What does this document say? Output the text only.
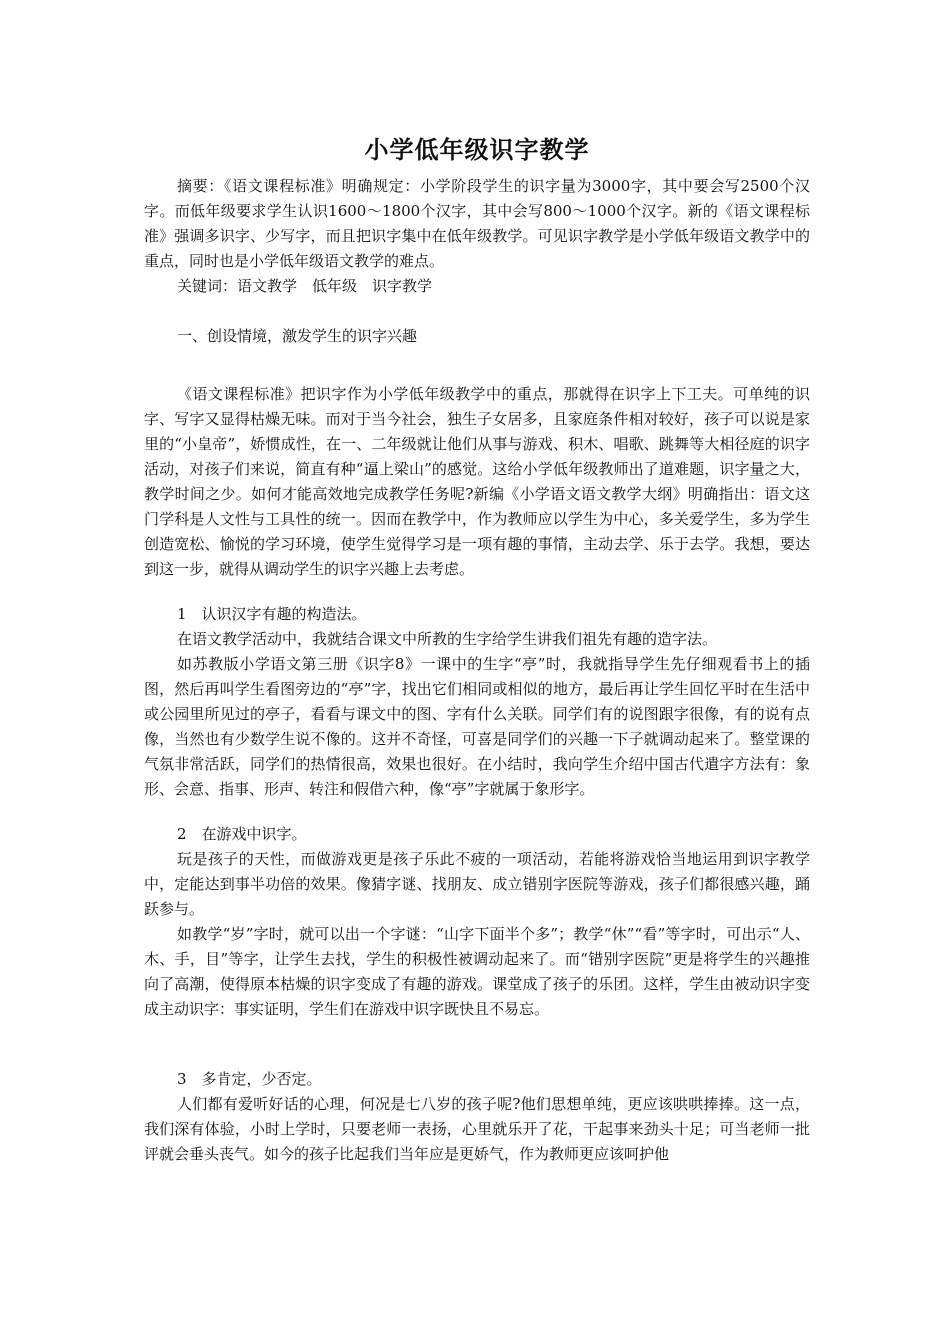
小学低年级识字教学

摘要：《语文课程标准》明确规定：小学阶段学生的识字量为3000字，其中要会写2500个汉字。而低年级要求学生认识1600～1800个汉字，其中会写800～1000个汉字。新的《语文课程标准》强调多识字、少写字，而且把识字集中在低年级教学。可见识字教学是小学低年级语文教学中的重点，同时也是小学低年级语文教学的难点。

关键词：语文教学　低年级　识字教学

一、创设情境，激发学生的识字兴趣

《语文课程标准》把识字作为小学低年级教学中的重点，那就得在识字上下工夫。可单纯的识字、写字又显得枯燥无味。而对于当今社会，独生子女居多，且家庭条件相对较好，孩子可以说是家里的“小皇帝”，娇惯成性，在一、二年级就让他们从事与游戏、积木、唱歌、跳舞等大相径庭的识字活动，对孩子们来说，简直有种“逼上梁山”的感觉。这给小学低年级教师出了道难题，识字量之大，教学时间之少。如何才能高效地完成教学任务呢?新编《小学语文语文教学大纲》明确指出：语文这门学科是人文性与工具性的统一。因而在教学中，作为教师应以学生为中心，多关爱学生，多为学生创造宽松、愉悦的学习环境，使学生觉得学习是一项有趣的事情，主动去学、乐于去学。我想，要达到这一步，就得从调动学生的识字兴趣上去考虑。

1　认识汉字有趣的构造法。

在语文教学活动中，我就结合课文中所教的生字给学生讲我们祖先有趣的造字法。

如苏教版小学语文第三册《识字8》一课中的生字“亭”时，我就指导学生先仔细观看书上的插图，然后再叫学生看图旁边的“亭”字，找出它们相同或相似的地方，最后再让学生回忆平时在生活中或公园里所见过的亭子，看看与课文中的图、字有什么关联。同学们有的说图跟字很像，有的说有点像，当然也有少数学生说不像的。这并不奇怪，可喜是同学们的兴趣一下子就调动起来了。整堂课的气氛非常活跃，同学们的热情很高，效果也很好。在小结时，我向学生介绍中国古代遣字方法有：象形、会意、指事、形声、转注和假借六种，像“亭”字就属于象形字。

2　在游戏中识字。

玩是孩子的天性，而做游戏更是孩子乐此不疲的一项活动，若能将游戏恰当地运用到识字教学中，定能达到事半功倍的效果。像猜字谜、找朋友、成立错别字医院等游戏，孩子们都很感兴趣，踊跃参与。

如教学“岁”字时，就可以出一个字谜：“山字下面半个多”；教学“休”“看”等字时，可出示“人、木、手，目”等字，让学生去找，学生的积极性被调动起来了。而“错别字医院”更是将学生的兴趣推向了高潮，使得原本枯燥的识字变成了有趣的游戏。课堂成了孩子的乐团。这样，学生由被动识字变成主动识字：事实证明，学生们在游戏中识字既快且不易忘。

3　多肯定，少否定。

人们都有爱听好话的心理，何况是七八岁的孩子呢?他们思想单纯，更应该哄哄捧捧。这一点，我们深有体验，小时上学时，只要老师一表扬，心里就乐开了花，干起事来劲头十足；可当老师一批评就会垂头丧气。如今的孩子比起我们当年应是更娇气，作为教师更应该呵护他
